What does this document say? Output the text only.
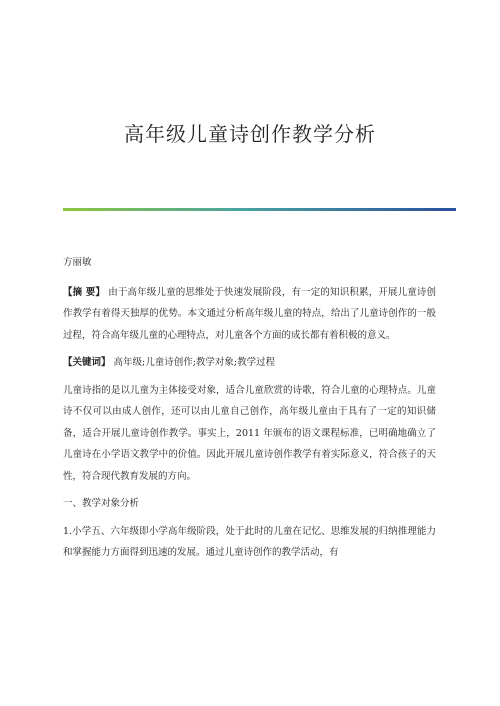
高年级儿童诗创作教学分析

方丽敏

【摘 要】 由于高年级儿童的思维处于快速发展阶段，有一定的知识积累，开展儿童诗创作教学有着得天独厚的优势。本文通过分析高年级儿童的特点，给出了儿童诗创作的一般过程，符合高年级儿童的心理特点，对儿童各个方面的成长都有着积极的意义。

【关键词】 高年级;儿童诗创作;教学对象;教学过程

儿童诗指的是以儿童为主体接受对象，适合儿童欣赏的诗歌，符合儿童的心理特点。儿童诗不仅可以由成人创作，还可以由儿童自己创作，高年级儿童由于具有了一定的知识储备，适合开展儿童诗创作教学。事实上，2011 年颁布的语文课程标准，已明确地确立了儿童诗在小学语文教学中的价值。因此开展儿童诗创作教学有着实际意义，符合孩子的天性，符合现代教育发展的方向。

一、教学对象分析

1.小学五、六年级即小学高年级阶段，处于此时的儿童在记忆、思维发展的归纳推理能力和掌握能力方面得到迅速的发展。通过儿童诗创作的教学活动，有
